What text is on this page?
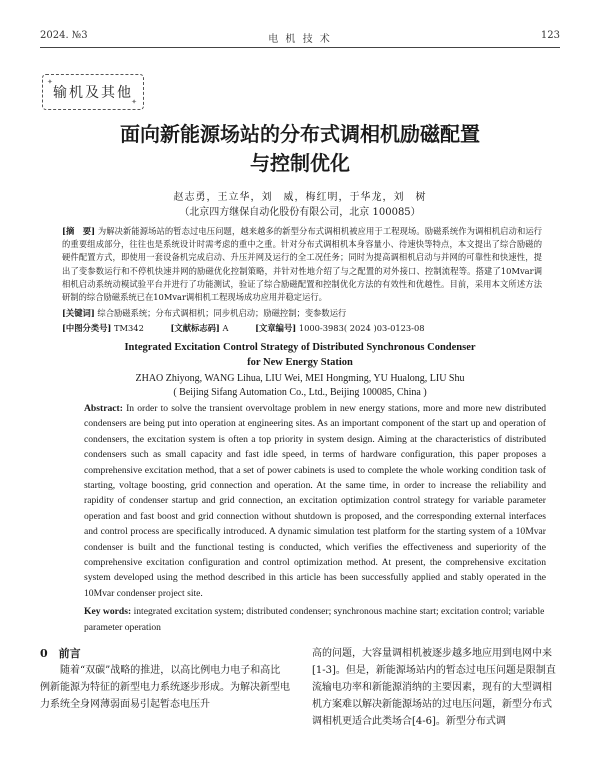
2024. №3	电 机 技 术	123
✦ 输机及其他
✦
面向新能源场站的分布式调相机励磁配置
与控制优化
赵志勇，王立华，刘　威，梅红明，于华龙，刘　树
（北京四方继保自动化股份有限公司，北京 100085）
[摘　要] 为解决新能源场站的暂态过电压问题，越来越多的新型分布式调相机被应用于工程现场。励磁系统作为调相机启动和运行的重要组成部分，往往也是系统设计时需考虑的重中之重。针对分布式调相机本身容量小、待速快等特点，本文提出了综合励磁的硬件配置方式，即使用一套设备机完成启动、升压并网及运行的全工况任务；同时为提高调相机启动与并网的可靠性和快速性，提出了变参数运行和不停机快速并网的励磁优化控制策略，并针对性地介绍了与之配置的对外接口、控制流程等。搭建了10Mvar调相机启动系统动模试验平台并进行了功能测试，验证了综合励磁配置和控制优化方法的有效性和优越性。目前，采用本文所述方法研制的综合励磁系统已在10Mvar调相机工程现场成功应用并稳定运行。
[关键词] 综合励磁系统；分布式调相机；同步机启动；励磁控制；变参数运行
[中图分类号] TM342	[文献标志码] A	[文章编号] 1000-3983( 2024 )03-0123-08
Integrated Excitation Control Strategy of Distributed Synchronous Condenser
for New Energy Station
ZHAO Zhiyong, WANG Lihua, LIU Wei, MEI Hongming, YU Hualong, LIU Shu
( Beijing Sifang Automation Co., Ltd., Beijing 100085, China )
Abstract: In order to solve the transient overvoltage problem in new energy stations, more and more new distributed condensers are being put into operation at engineering sites. As an important component of the start up and operation of condensers, the excitation system is often a top priority in system design. Aiming at the characteristics of distributed condensers such as small capacity and fast idle speed, in terms of hardware configuration, this paper proposes a comprehensive excitation method, that a set of power cabinets is used to complete the whole working condition task of starting, voltage boosting, grid connection and operation. At the same time, in order to increase the reliability and rapidity of condenser startup and grid connection, an excitation optimization control strategy for variable parameter operation and fast boost and grid connection without shutdown is proposed, and the corresponding external interfaces and control process are specifically introduced. A dynamic simulation test platform for the starting system of a 10Mvar condenser is built and the functional testing is conducted, which verifies the effectiveness and superiority of the comprehensive excitation configuration and control optimization method. At present, the comprehensive excitation system developed using the method described in this article has been successfully applied and stably operated in the 10Mvar condenser project site.
Key words: integrated excitation system; distributed condenser; synchronous machine start; excitation control; variable parameter operation
0　 前言
随着“双碳”战略的推进，以高比例电力电子和高比例新能源为特征的新型电力系统逐步形成。为解决新型电力系统全身网薄弱面易引起暂态电压升
高的问题，大容量调相机被逐步越多地应用到电网中来[1-3]。但是，新能源场站内的暂态过电压问题是限制直流输电功率和新能源消纳的主要因素，现有的大型调相机方案难以解决新能源场站的过电压问题，新型分布式调相机更适合此类场合[4-6]。新型分布式调
